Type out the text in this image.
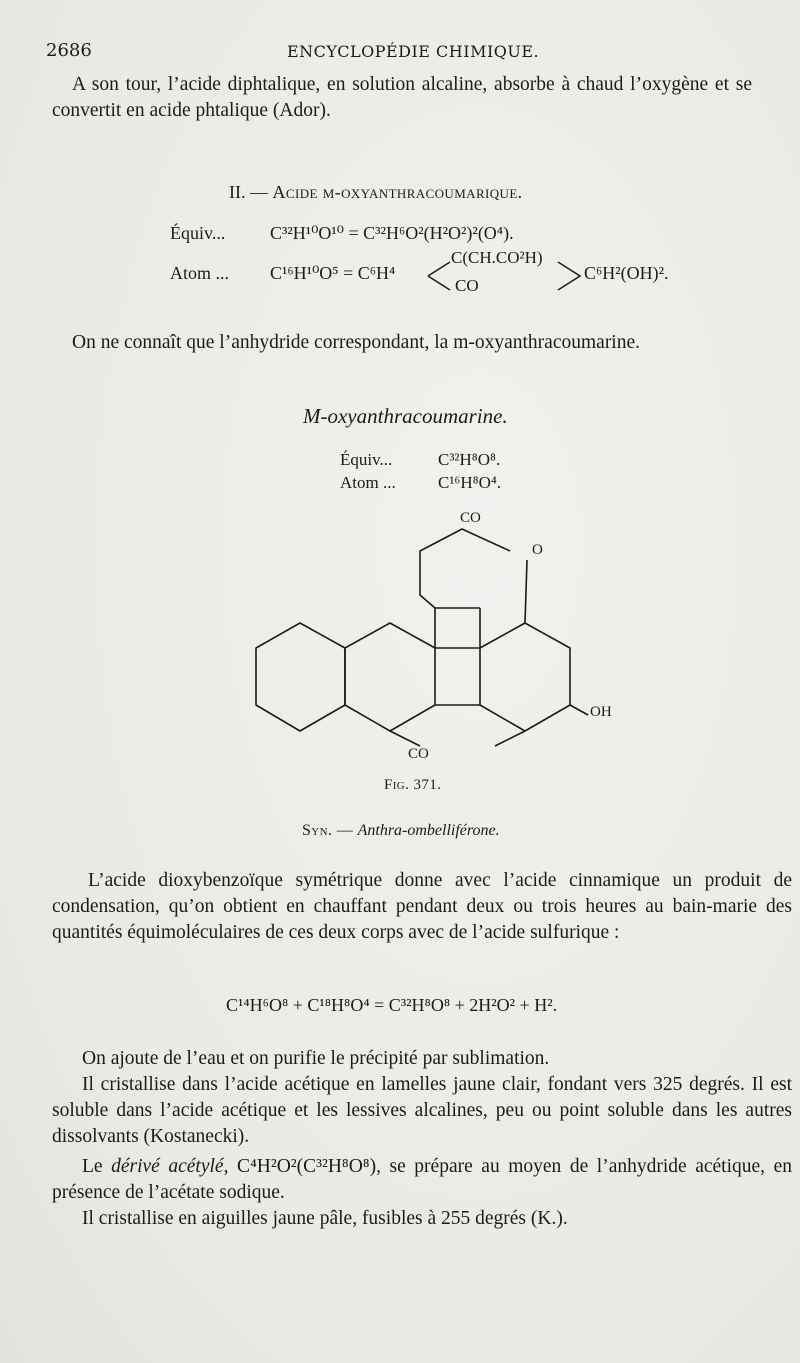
2686	ENCYCLOPÉDIE CHIMIQUE.

A son tour, l’acide diphtalique, en solution alcaline, absorbe à chaud l’oxygène et se convertit en acide phtalique (Ador).

II. — Acide m-oxyanthracoumarique.
Équiv... C³²H¹⁰O¹⁰ = C³²H⁶O²(H²O²)²(O⁴).
Atom ... C¹⁶H¹⁰O⁵ = C⁶H⁴
C(CH.CO²H)
CO
C⁶H²(OH)².

On ne connaît que l’anhydride correspondant, la m-oxyanthracoumarine.

M-oxyanthracoumarine.
Équiv...	C³²H⁸O⁸.
Atom ... C¹⁶H⁸O⁴.
CO
O
OH
CO
Fig. 371.
Syn. — Anthra-ombelliférone.

L’acide dioxybenzoïque symétrique donne avec l’acide cinnamique un produit de condensation, qu’on obtient en chauffant pendant deux ou trois heures au bain-marie des quantités équimoléculaires de ces deux corps avec de l’acide sulfurique :

C¹⁴H⁶O⁸ + C¹⁸H⁸O⁴ = C³²H⁸O⁸ + 2H²O² + H².

On ajoute de l’eau et on purifie le précipité par sublimation.

Il cristallise dans l’acide acétique en lamelles jaune clair, fondant vers 325 degrés. Il est soluble dans l’acide acétique et les lessives alcalines, peu ou point soluble dans les autres dissolvants (Kostanecki).

Le dérivé acétylé, C⁴H²O²(C³²H⁸O⁸), se prépare au moyen de l’anhydride acétique, en présence de l’acétate sodique.

Il cristallise en aiguilles jaune pâle, fusibles à 255 degrés (K.).
